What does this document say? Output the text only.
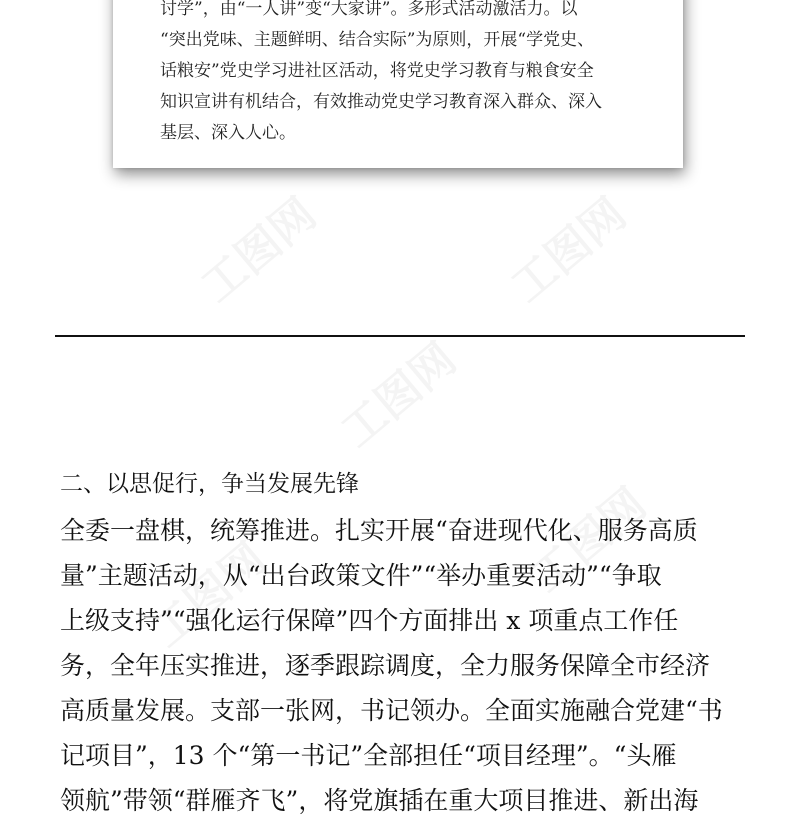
讨学”，由“一人讲”变“大家讲”。多形式活动激活力。以
“突出党味、主题鲜明、结合实际”为原则，开展“学党史、
话粮安”党史学习进社区活动，将党史学习教育与粮食安全
知识宣讲有机结合，有效推动党史学习教育深入群众、深入
基层、深入人心。

二、以思促行，争当发展先锋

全委一盘棋，统筹推进。扎实开展“奋进现代化、服务高质
量”主题活动，从“出台政策文件”“举办重要活动”“争取
上级支持”“强化运行保障”四个方面排出 x 项重点工作任
务，全年压实推进，逐季跟踪调度，全力服务保障全市经济
高质量发展。支部一张网，书记领办。全面实施融合党建“书
记项目”，13 个“第一书记”全部担任“项目经理”。“头雁
领航”带领“群雁齐飞”，将党旗插在重大项目推进、新出海
